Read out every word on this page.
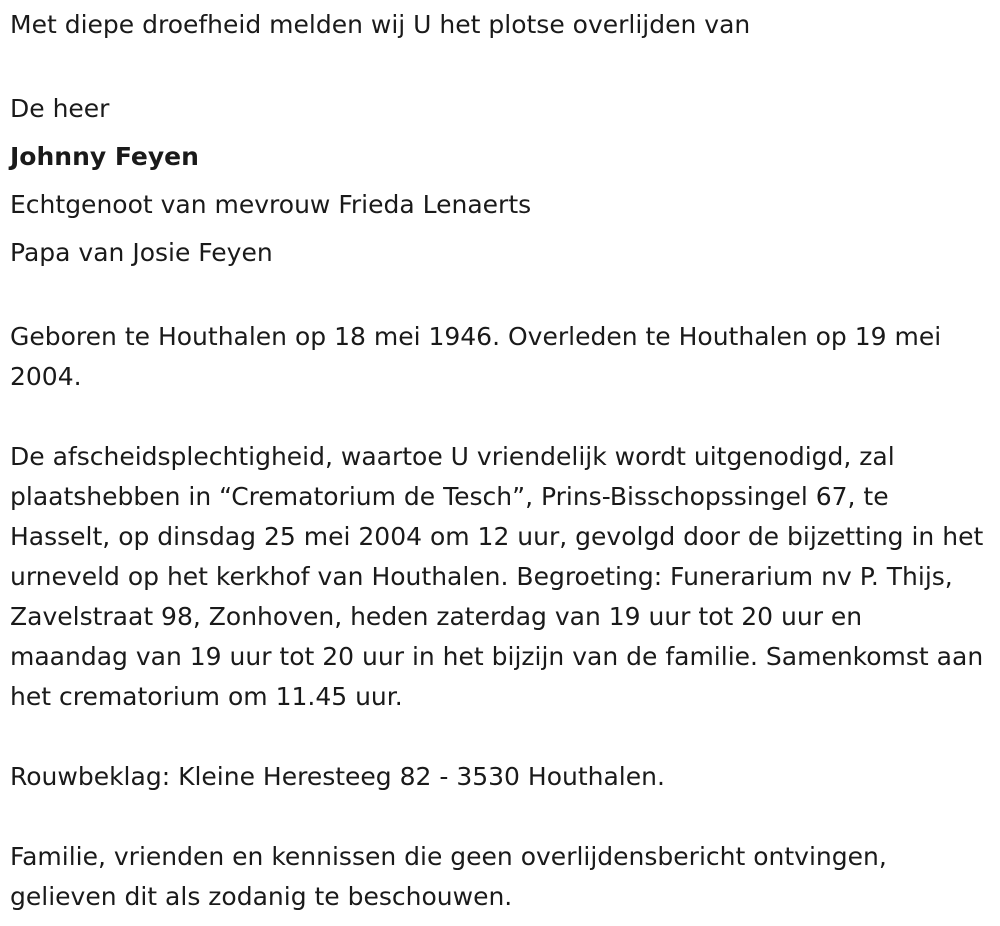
Met diepe droefheid melden wij U het plotse overlijden van

De heer

Johnny Feyen

Echtgenoot van mevrouw Frieda Lenaerts

Papa van Josie Feyen

Geboren te Houthalen op 18 mei 1946. Overleden te Houthalen op 19 mei 2004.

De afscheidsplechtigheid, waartoe U vriendelijk wordt uitgenodigd, zal plaatshebben in “Crematorium de Tesch”, Prins-Bisschopssingel 67, te Hasselt, op dinsdag 25 mei 2004 om 12 uur, gevolgd door de bijzetting in het urneveld op het kerkhof van Houthalen. Begroeting: Funerarium nv P. Thijs, Zavelstraat 98, Zonhoven, heden zaterdag van 19 uur tot 20 uur en maandag van 19 uur tot 20 uur in het bijzijn van de familie. Samenkomst aan het crematorium om 11.45 uur.

Rouwbeklag: Kleine Heresteeg 82 - 3530 Houthalen.

Familie, vrienden en kennissen die geen overlijdensbericht ontvingen, gelieven dit als zodanig te beschouwen.
